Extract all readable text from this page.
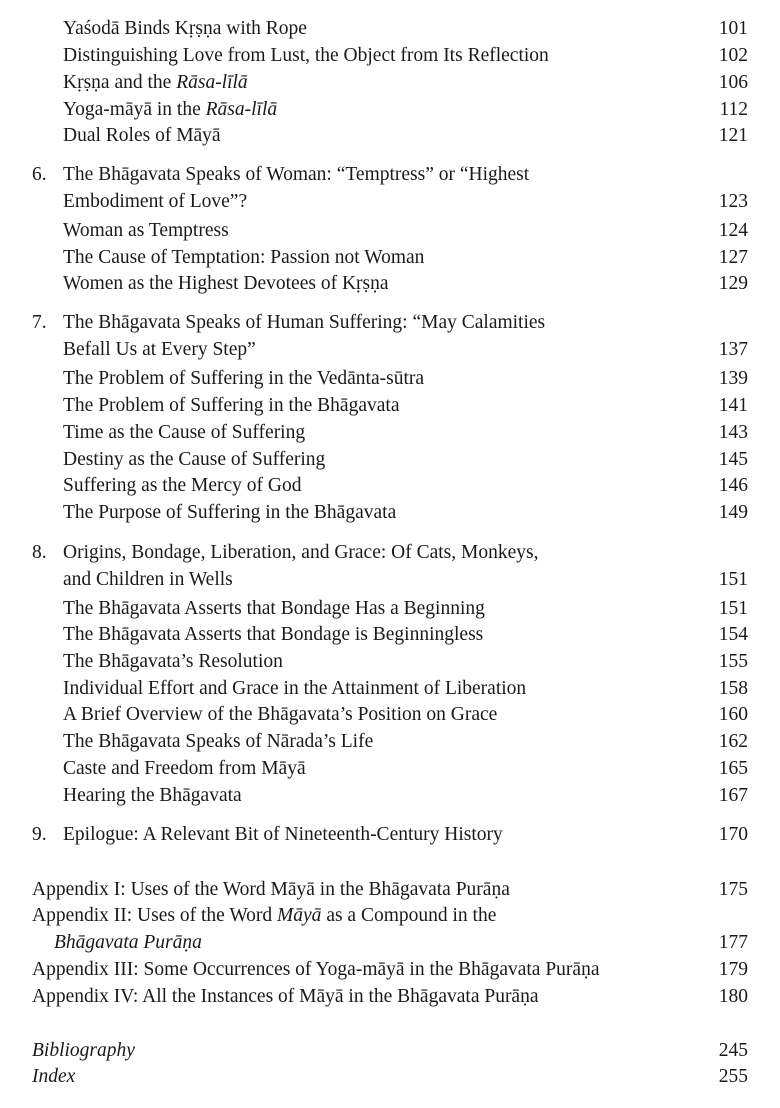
Yaśodā Binds Kṛṣṇa with Rope	101
Distinguishing Love from Lust, the Object from Its Reflection	102
Kṛṣṇa and the Rāsa-līlā	106
Yoga-māyā in the Rāsa-līlā	112
Dual Roles of Māyā	121
6. The Bhāgavata Speaks of Woman: “Temptress” or “Highest
Embodiment of Love”?	123
Woman as Temptress	124
The Cause of Temptation: Passion not Woman	127
Women as the Highest Devotees of Kṛṣṇa	129
7. The Bhāgavata Speaks of Human Suffering: “May Calamities
Befall Us at Every Step”	137
The Problem of Suffering in the Vedānta-sūtra	139
The Problem of Suffering in the Bhāgavata	141
Time as the Cause of Suffering	143
Destiny as the Cause of Suffering	145
Suffering as the Mercy of God	146
The Purpose of Suffering in the Bhāgavata	149
8. Origins, Bondage, Liberation, and Grace: Of Cats, Monkeys,
and Children in Wells	151
The Bhāgavata Asserts that Bondage Has a Beginning	151
The Bhāgavata Asserts that Bondage is Beginningless	154
The Bhāgavata’s Resolution	155
Individual Effort and Grace in the Attainment of Liberation	158
A Brief Overview of the Bhāgavata’s Position on Grace	160
The Bhāgavata Speaks of Nārada’s Life	162
Caste and Freedom from Māyā	165
Hearing the Bhāgavata	167
9. Epilogue: A Relevant Bit of Nineteenth-Century History	170
Appendix I: Uses of the Word Māyā in the Bhāgavata Purāṇa	175
Appendix II: Uses of the Word Māyā as a Compound in the
Bhāgavata Purāṇa	177
Appendix III: Some Occurrences of Yoga-māyā in the Bhāgavata Purāṇa	179
Appendix IV: All the Instances of Māyā in the Bhāgavata Purāṇa	180
Bibliography	245
Index	255
